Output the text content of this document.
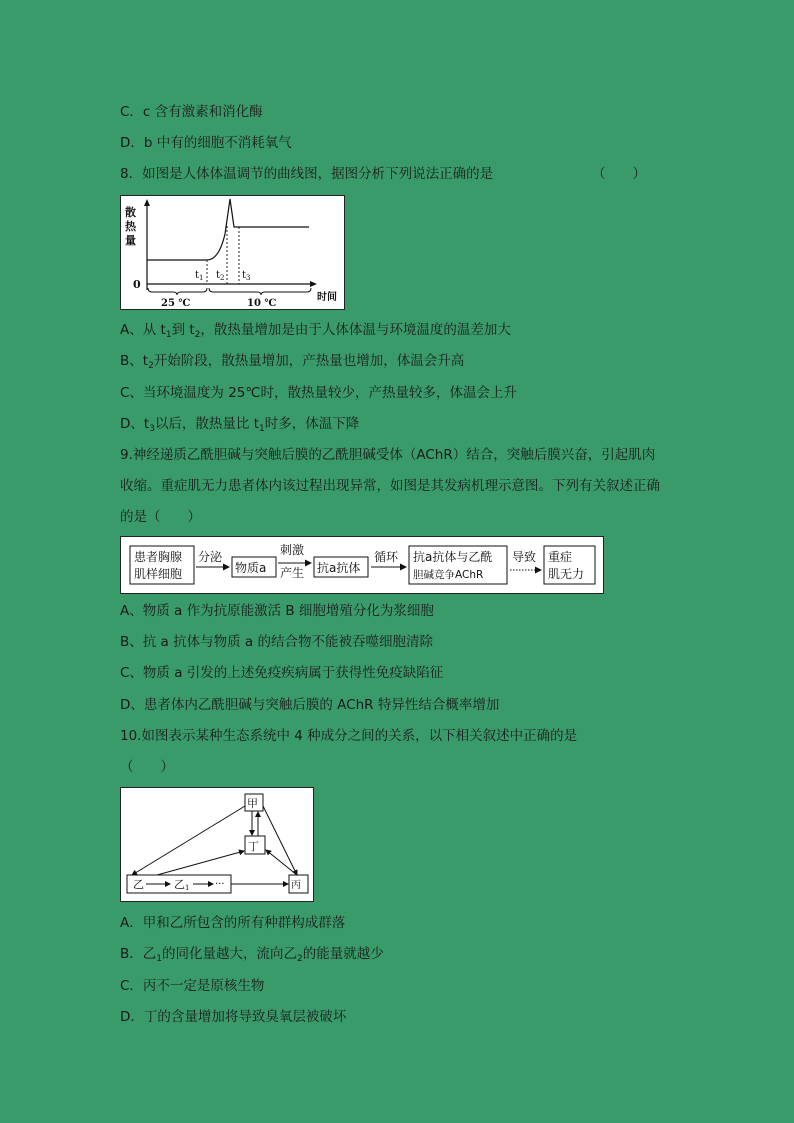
C．c 含有激素和消化酶
D．b 中有的细胞不消耗氧气
8．如图是人体体温调节的曲线图，据图分析下列说法正确的是	（　　）
散
热
量
0
时间
$t_1$ $t_2$ $t_3$
25 ℃	10 ℃
A、从 $t_1$到 $t_2$，散热量增加是由于人体体温与环境温度的温差加大
B、$t_2$开始阶段，散热量增加，产热量也增加，体温会升高
C、当环境温度为 25℃时，散热量较少，产热量较多，体温会上升
D、$t_3$以后，散热量比 $t_1$时多，体温下降
9.神经递质乙酰胆碱与突触后膜的乙酰胆碱受体（AChR）结合，突触后膜兴奋，引起肌肉
收缩。重症肌无力患者体内该过程出现异常，如图是其发病机理示意图。下列有关叙述正确
的是（　　）
患者胸腺
肌样细胞
分泌
物质a
刺激
产生 抗a抗体
循环 抗a抗体与乙酰
胆碱竞争AChR
导致 重症
肌无力
A、物质 a 作为抗原能激活 B 细胞增殖分化为浆细胞
B、抗 a 抗体与物质 a 的结合物不能被吞噬细胞清除
C、物质 a 引发的上述免疫疾病属于获得性免疫缺陷征
D、患者体内乙酰胆碱与突触后膜的 AChR 特异性结合概率增加
10.如图表示某种生态系统中 4 种成分之间的关系，以下相关叙述中正确的是
（　　）
甲
丁
丙
乙	乙1	···
A．甲和乙所包含的所有种群构成群落
B．乙$_1$的同化量越大，流向乙$_2$的能量就越少
C．丙不一定是原核生物
D．丁的含量增加将导致臭氧层被破坏
